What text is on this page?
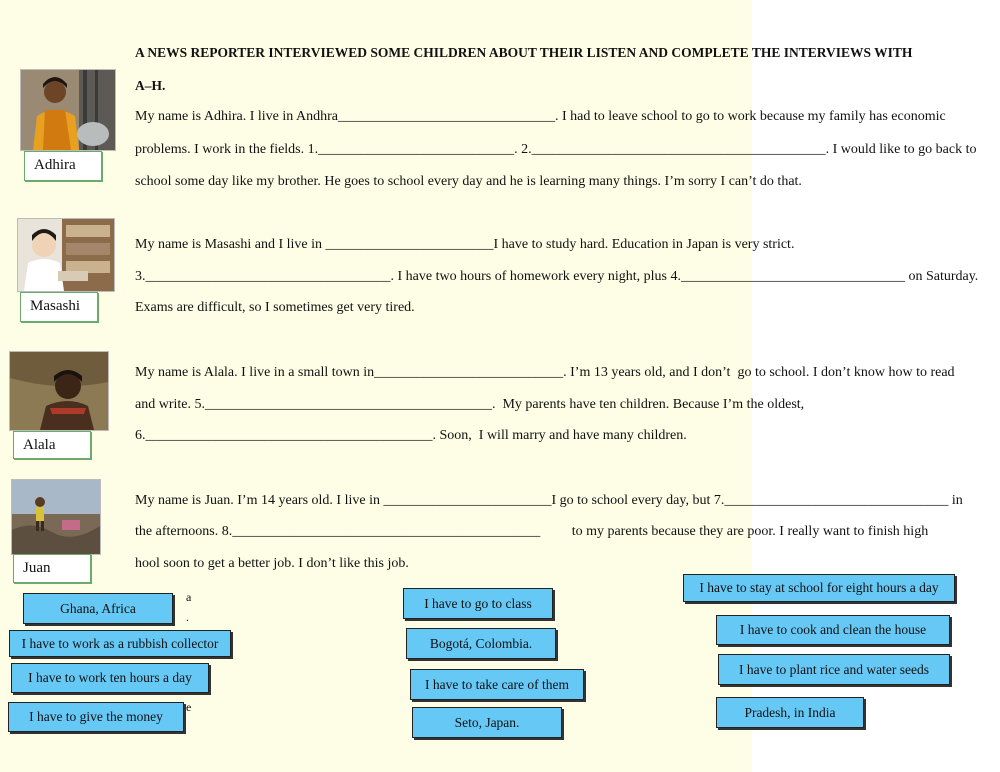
A NEWS REPORTER INTERVIEWED SOME CHILDREN ABOUT THEIR LISTEN AND COMPLETE THE INTERVIEWS WITH
A–H.
Adhira
My name is Adhira. I live in Andhra_______________________________. I had to leave school to go to work because my family has economic
problems. I work in the fields. 1.____________________________. 2.__________________________________________. I would like to go back to
school some day like my brother. He goes to school every day and he is learning many things. I’m sorry I can’t do that.
Masashi
My name is Masashi and I live in ________________________I have to study hard. Education in Japan is very strict.
3.___________________________________. I have two hours of homework every night, plus 4.________________________________ on Saturday.
Exams are difficult, so I sometimes get very tired.
Alala
My name is Alala. I live in a small town in___________________________. I’m 13 years old, and I don’t  go to school. I don’t know how to read
and write. 5._________________________________________.  My parents have ten children. Because I’m the oldest,
6._________________________________________. Soon,  I will marry and have many children.
Juan
My name is Juan. I’m 14 years old. I live in ________________________I go to school every day, but 7.________________________________ in
the afternoons. 8.____________________________________________         to my parents because they are poor. I really want to finish high
hool soon to get a better job. I don’t like this job.
a
.
e
Ghana, Africa
I have to work as a rubbish collector
I have to work ten hours a day
I have to give the money
I have to go to class
Bogotá, Colombia.
I have to take care of them
Seto, Japan.
I have to stay at school for eight hours a day
I have to cook and clean the house
I have to plant rice and water seeds
Pradesh, in India
